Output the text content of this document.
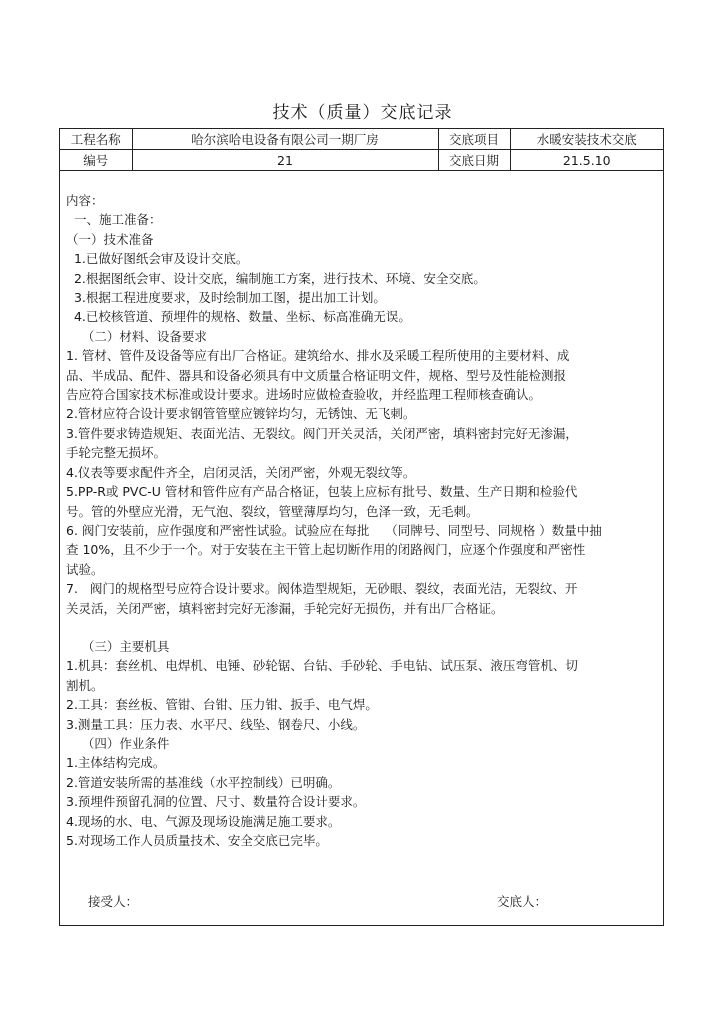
技术（质量）交底记录
工程名称	哈尔滨哈电设备有限公司一期厂房	交底项目	水暖安装技术交底
编号	21	交底日期	21.5.10

内容：

一、施工准备：

（一）技术准备

1.已做好图纸会审及设计交底。

2.根据图纸会审、设计交底，编制施工方案，进行技术、环境、安全交底。

3.根据工程进度要求，及时绘制加工图，提出加工计划。

4.已校核管道、预埋件的规格、数量、坐标、标高准确无误。

（二）材料、设备要求

1. 管材、管件及设备等应有出厂合格证。建筑给水、排水及采暖工程所使用的主要材料、成

品、半成品、配件、器具和设备必须具有中文质量合格证明文件，规格、型号及性能检测报

告应符合国家技术标准或设计要求。进场时应做检查验收，并经监理工程师核查确认。

2.管材应符合设计要求钢管管壁应镀锌均匀，无锈蚀、无飞刺。

3.管件要求铸造规矩、表面光洁、无裂纹。阀门开关灵活，关闭严密，填料密封完好无渗漏，

手轮完整无损坏。

4.仪表等要求配件齐全，启闭灵活，关闭严密，外观无裂纹等。

5.PP-R或 PVC-U 管材和管件应有产品合格证，包装上应标有批号、数量、生产日期和检验代

号。管的外壁应光滑，无气泡、裂纹，管壁薄厚均匀，色泽一致，无毛刺。

6. 阀门安装前，应作强度和严密性试验。试验应在每批    （同牌号、同型号、同规格 ）数量中抽

查 10%，且不少于一个。对于安装在主干管上起切断作用的闭路阀门，应逐个作强度和严密性

试验。

7.   阀门的规格型号应符合设计要求。阀体造型规矩，无砂眼、裂纹，表面光洁，无裂纹、开

关灵活，关闭严密，填料密封完好无渗漏，手轮完好无损伤，并有出厂合格证。

（三）主要机具

1.机具：套丝机、电焊机、电锤、砂轮锯、台钻、手砂轮、手电钻、试压泵、液压弯管机、切

割机。

2.工具：套丝板、管钳、台钳、压力钳、扳手、电气焊。

3.测量工具：压力表、水平尺、线坠、钢卷尺、小线。

（四）作业条件

1.主体结构完成。

2.管道安装所需的基准线（水平控制线）已明确。

3.预埋件预留孔洞的位置、尺寸、数量符合设计要求。

4.现场的水、电、气源及现场设施满足施工要求。

5.对现场工作人员质量技术、安全交底已完毕。

接受人：	交底人：
